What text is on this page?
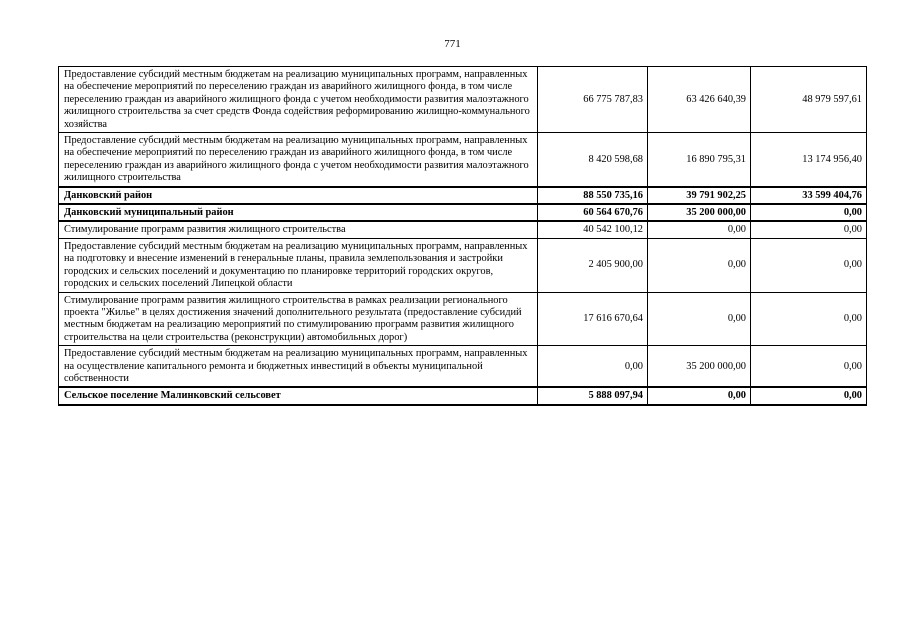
771
Предоставление субсидий местным бюджетам на реализацию муниципальных программ, направленных на обеспечение мероприятий по переселению граждан из аварийного жилищного фонда, в том числе переселению граждан из аварийного жилищного фонда с учетом необходимости развития малоэтажного жилищного строительства за счет средств Фонда содействия реформированию жилищно-коммунального хозяйства	66 775 787,83	63 426 640,39	48 979 597,61
Предоставление субсидий местным бюджетам на реализацию муниципальных программ, направленных на обеспечение мероприятий по переселению граждан из аварийного жилищного фонда, в том числе переселению граждан из аварийного жилищного фонда с учетом необходимости развития малоэтажного жилищного строительства	8 420 598,68	16 890 795,31	13 174 956,40
Данковский район	88 550 735,16	39 791 902,25	33 599 404,76
Данковский муниципальный район	60 564 670,76	35 200 000,00	0,00
Стимулирование программ развития жилищного строительства	40 542 100,12	0,00	0,00
Предоставление субсидий местным бюджетам на реализацию муниципальных программ, направленных на подготовку и внесение изменений в генеральные планы, правила землепользования и застройки городских и сельских поселений и документацию по планировке территорий городских округов, городских и сельских поселений Липецкой области	2 405 900,00	0,00	0,00
Стимулирование программ развития жилищного строительства в рамках реализации регионального проекта "Жилье" в целях достижения значений дополнительного результата (предоставление субсидий местным бюджетам на реализацию мероприятий по стимулированию программ развития жилищного строительства на цели строительства (реконструкции) автомобильных дорог)	17 616 670,64	0,00	0,00
Предоставление субсидий местным бюджетам на реализацию муниципальных программ, направленных на осуществление капитального ремонта и бюджетных инвестиций в объекты муниципальной собственности	0,00	35 200 000,00	0,00
Сельское поселение Малинковский сельсовет	5 888 097,94	0,00	0,00
